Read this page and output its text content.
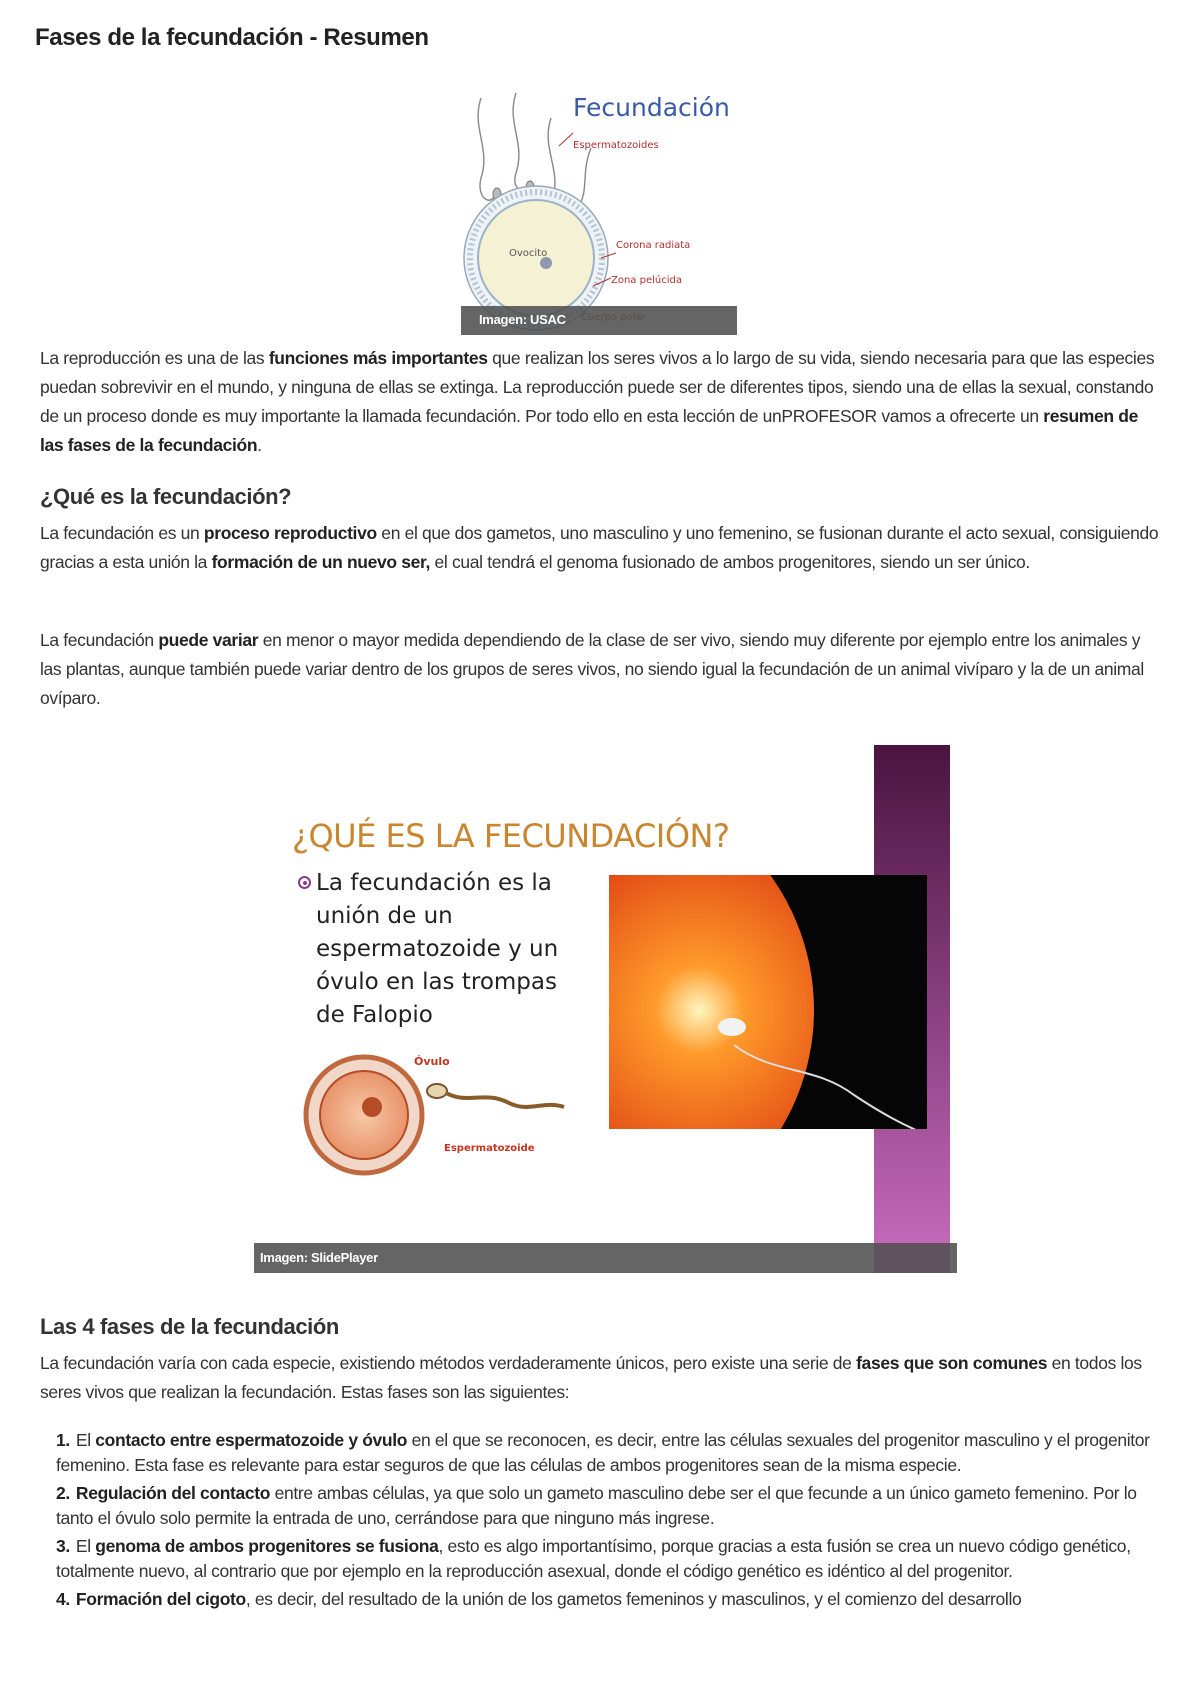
Fases de la fecundación - Resumen
Fecundación
Espermatozoides
Ovocito
Corona radiata
Zona pelúcida
Imagen: USAC

La reproducción es una de las funciones más importantes que realizan los seres vivos a lo largo de su vida, siendo necesaria para que las especies puedan sobrevivir en el mundo, y ninguna de ellas se extinga. La reproducción puede ser de diferentes tipos, siendo una de ellas la sexual, constando de un proceso donde es muy importante la llamada fecundación. Por todo ello en esta lección de unPROFESOR vamos a ofrecerte un resumen de las fases de la fecundación.

¿Qué es la fecundación?

La fecundación es un proceso reproductivo en el que dos gametos, uno masculino y uno femenino, se fusionan durante el acto sexual, consiguiendo gracias a esta unión la formación de un nuevo ser, el cual tendrá el genoma fusionado de ambos progenitores, siendo un ser único.

La fecundación puede variar en menor o mayor medida dependiendo de la clase de ser vivo, siendo muy diferente por ejemplo entre los animales y las plantas, aunque también puede variar dentro de los grupos de seres vivos, no siendo igual la fecundación de un animal vivíparo y la de un animal ovíparo.

¿QUÉ ES LA FECUNDACIÓN?
La fecundación es la unión de un espermatozoide y un óvulo en las trompas de Falopio
Óvulo
Espermatozoide
Imagen: SlidePlayer
Las 4 fases de la fecundación

La fecundación varía con cada especie, existiendo métodos verdaderamente únicos, pero existe una serie de fases que son comunes en todos los seres vivos que realizan la fecundación. Estas fases son las siguientes:

1. El contacto entre espermatozoide y óvulo en el que se reconocen, es decir, entre las células sexuales del progenitor masculino y el progenitor femenino. Esta fase es relevante para estar seguros de que las células de ambos progenitores sean de la misma especie.
2. Regulación del contacto entre ambas células, ya que solo un gameto masculino debe ser el que fecunde a un único gameto femenino. Por lo tanto el óvulo solo permite la entrada de uno, cerrándose para que ninguno más ingrese.
3. El genoma de ambos progenitores se fusiona, esto es algo importantísimo, porque gracias a esta fusión se crea un nuevo código genético, totalmente nuevo, al contrario que por ejemplo en la reproducción asexual, donde el código genético es idéntico al del progenitor.
4. Formación del cigoto, es decir, del resultado de la unión de los gametos femeninos y masculinos, y el comienzo del desarrollo
